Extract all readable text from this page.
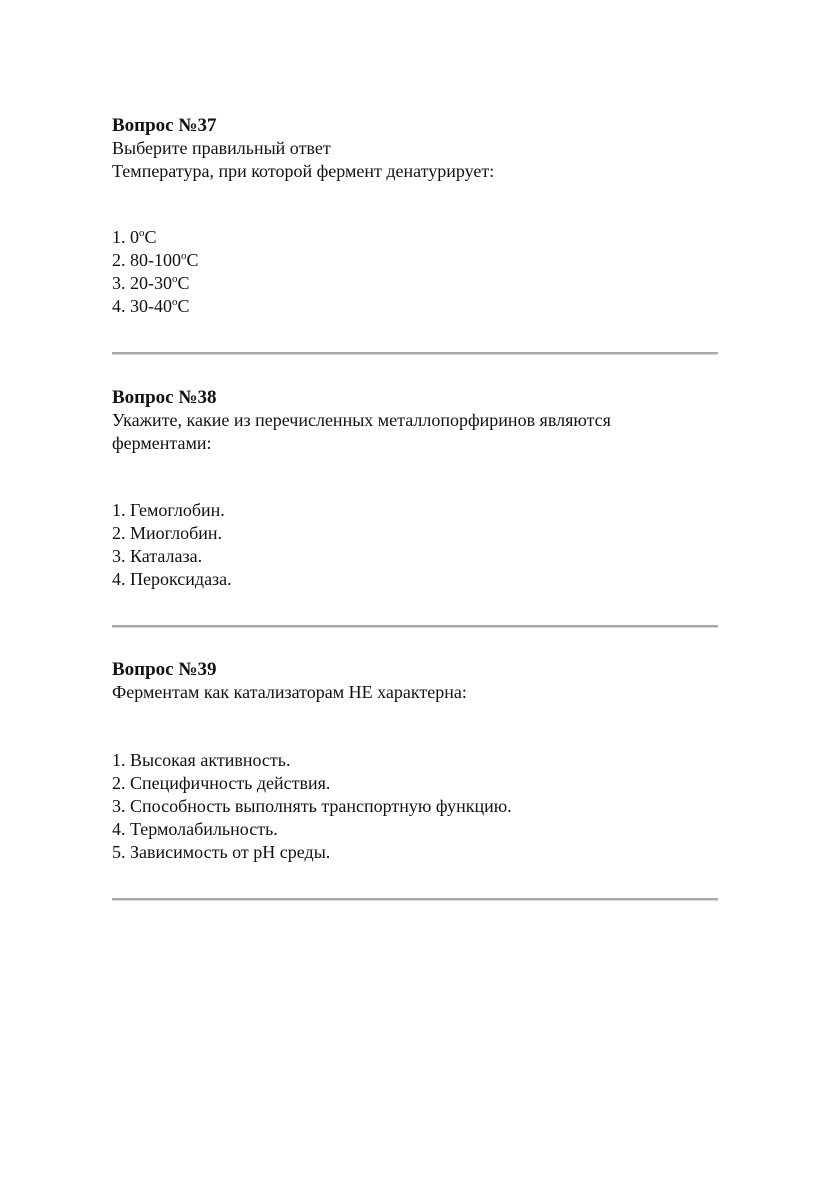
Вопрос №37

Выберите правильный ответ

Температура, при которой фермент денатурирует:

1 . 0$^o$C
2 . 80-100$^o$C
3 . 20-30$^o$C
4 . 30-40$^o$C

Вопрос №38

Укажите, какие из перечисленных металлопорфиринов являются

ферментами:

1 . Гемоглобин.
2 . Миоглобин.
3 . Каталаза.
4 . Пероксидаза.

Вопрос №39

Ферментам как катализаторам НЕ характерна:

1 . Высокая активность.
2 . Специфичность действия.
3 . Способность выполнять транспортную функцию.
4 . Термолабильность.
5 . Зависимость от pH среды.
